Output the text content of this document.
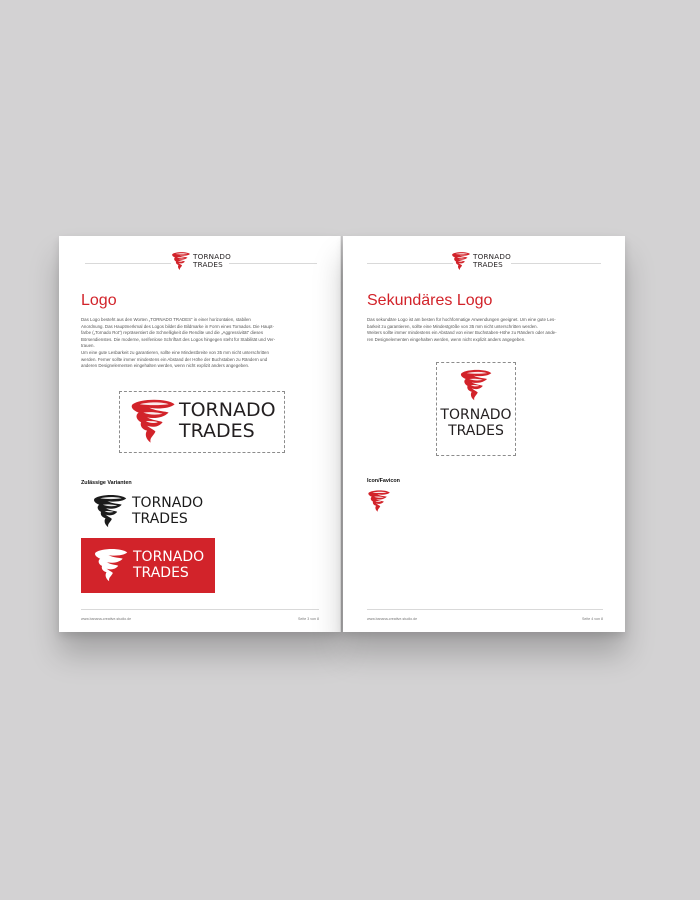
TORNADO
TRADES
Logo
Das Logo besteht aus den Worten „TORNADO TRADES“ in einer horizontalen, stabilen
Anordnung. Das Hauptmerkmal des Logos bildet die Bildmarke in Form eines Tornados. Die Haupt-
farbe („Tornado Rot“) repräsentiert die Schnelligkeit die Rendite und die „Aggressivität“ dieses
Börsendienstes. Die moderne, serifenlose Schriftart des Logos hingegen steht für Stabilität und Ver-
trauen.
Um eine gute Lesbarkeit zu garantieren, sollte eine Mindestbreite von 35 mm nicht unterschritten
werden. Ferner sollte immer mindestens ein Abstand der Höhe der Buchstaben zu Rändern und
anderen Designelementen eingehalten werden, wenn nicht explizit anders angegeben.
TORNADO
TRADES
Zulässige Varianten
TORNADO
TRADES
TORNADO
TRADES
www.banana-creative-studio.de	Seite 3 von 8
TORNADO
TRADES
Sekundäres Logo
Das sekundäre Logo ist am besten für hochformatige Anwendungen geeignet. Um eine gute Les-
barkeit zu garantieren, sollte eine Mindestgröße von 35 mm nicht unterschritten werden.
Weiters sollte immer mindestens ein Abstand von einer Buchstaben-Höhe zu Rändern oder ande-
ren Designelementen eingehalten werden, wenn nicht explizit anders angegeben.
TORNADO
TRADES
Icon/Favicon
www.banana-creative-studio.de	Seite 4 von 8
